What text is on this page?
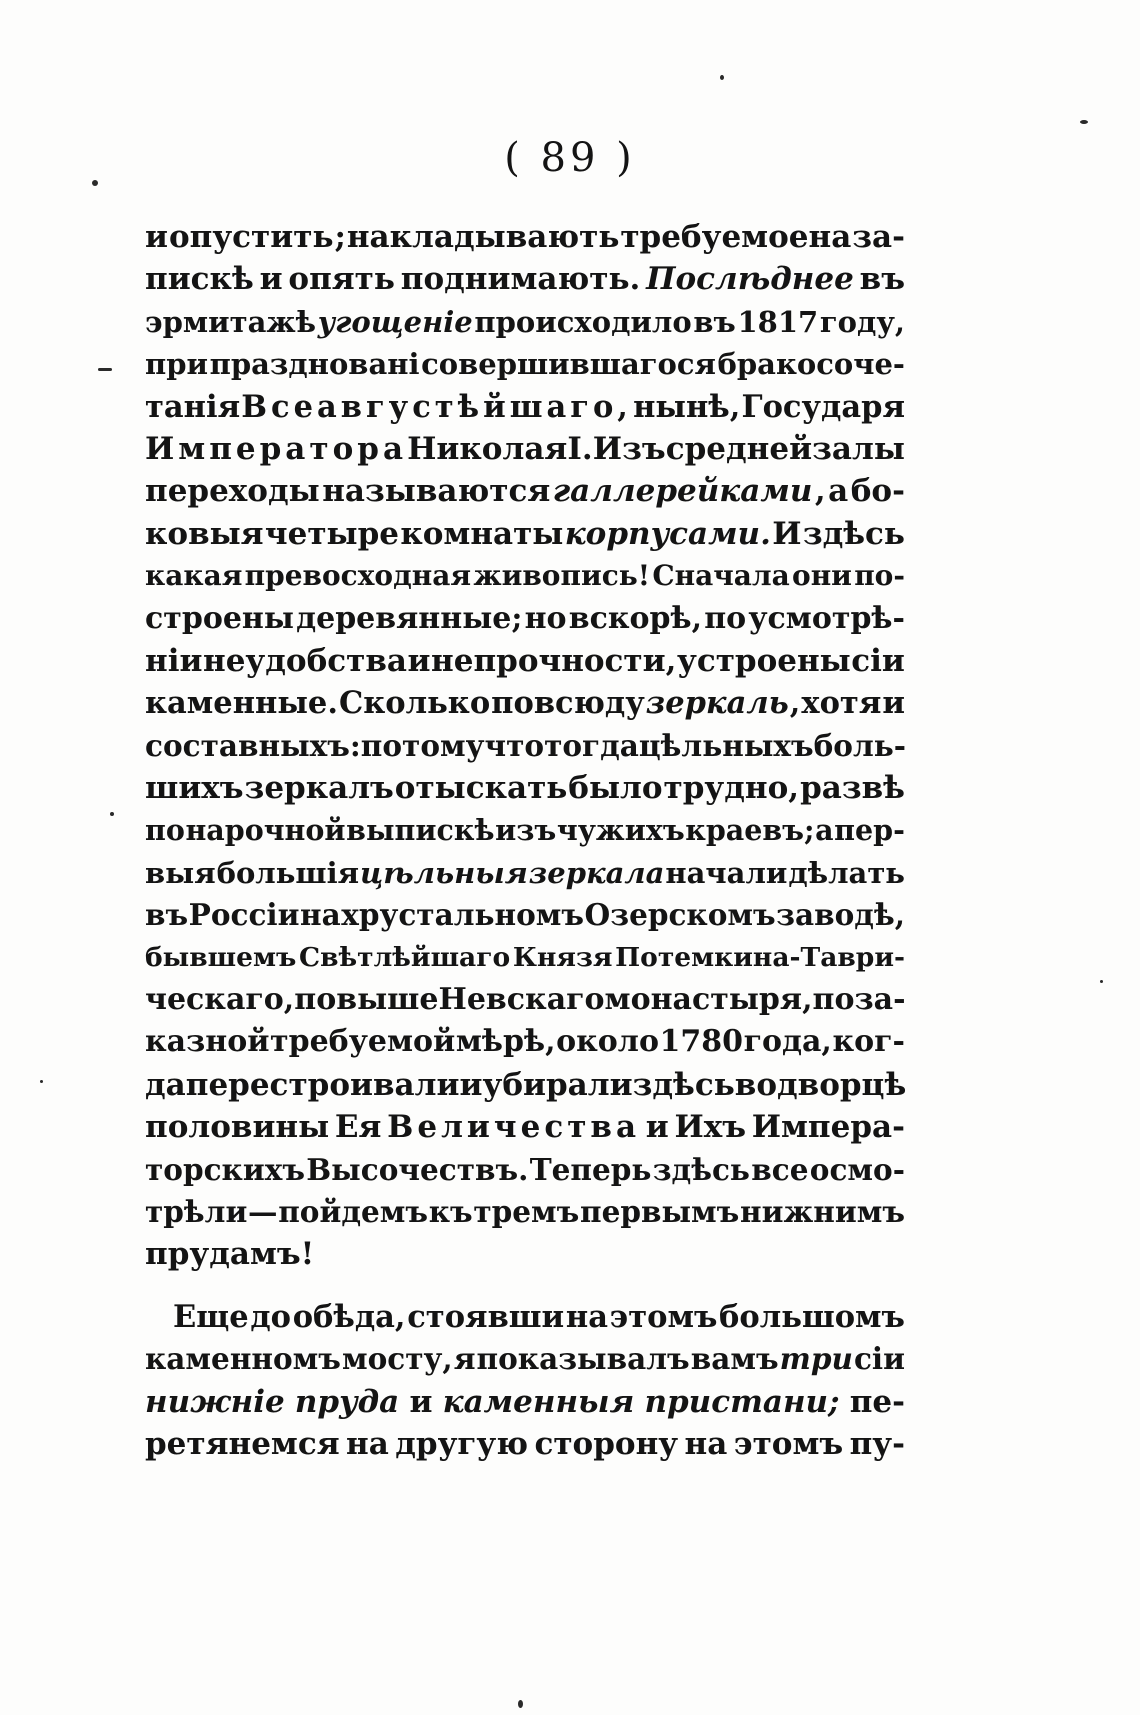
( 89 )
и опустить ; накладывають требуемоена за-
пискѣ и опять поднимають. Послѣднее въ
эрмитажѣ угощеніе происходило въ 1817 году,
при праздновані совершившагося бракосоче-
танія Всеавгустѣйшаго, нынѣ, Государя
Императора Николая I. Изъ средней залы
переходы называются галлерейками , а бо-
ковыя четыре комнаты корпусами. И здѣсь
какая превосходная живопись! Сначала они по-
строены деревянные; но вскорѣ, по усмотрѣ-
ніи неудобства и непрочности, устроены сіи
каменные. Сколько повсюду зеркаль , хотя и
составныхъ: потому что тогда цѣльныхъ боль-
шихъ зеркалъ отыскать было трудно, развѣ
по нарочной выпискѣ изъ чужихъ краевъ; а пер-
выя большія цѣльныя зеркала начали дѣлать
въ Россіи на хрустальномъ Озерскомъ заводѣ,
бывшемъ Свѣтлѣйшаго Князя Потемкина-Таври-
ческаго, повыше Невскаго монастыря, по за-
казной требуемой мѣрѣ, около 1780 года, ког-
да перестроивали и убирали здѣсь во дворцѣ
половины Ея Величества и Ихъ Импера-
торскихъ Высочествъ. Теперь здѣсь все осмо-
трѣли — пойдемъ къ тремъ первымъ нижнимъ
прудамъ!
Еще до обѣда, стоявши на этомъ большомъ
каменномъ мосту, я показывалъ вамъ три сіи
нижніе пруда и каменныя пристани; пе-
ретянемся на другую сторону на этомъ пу-
